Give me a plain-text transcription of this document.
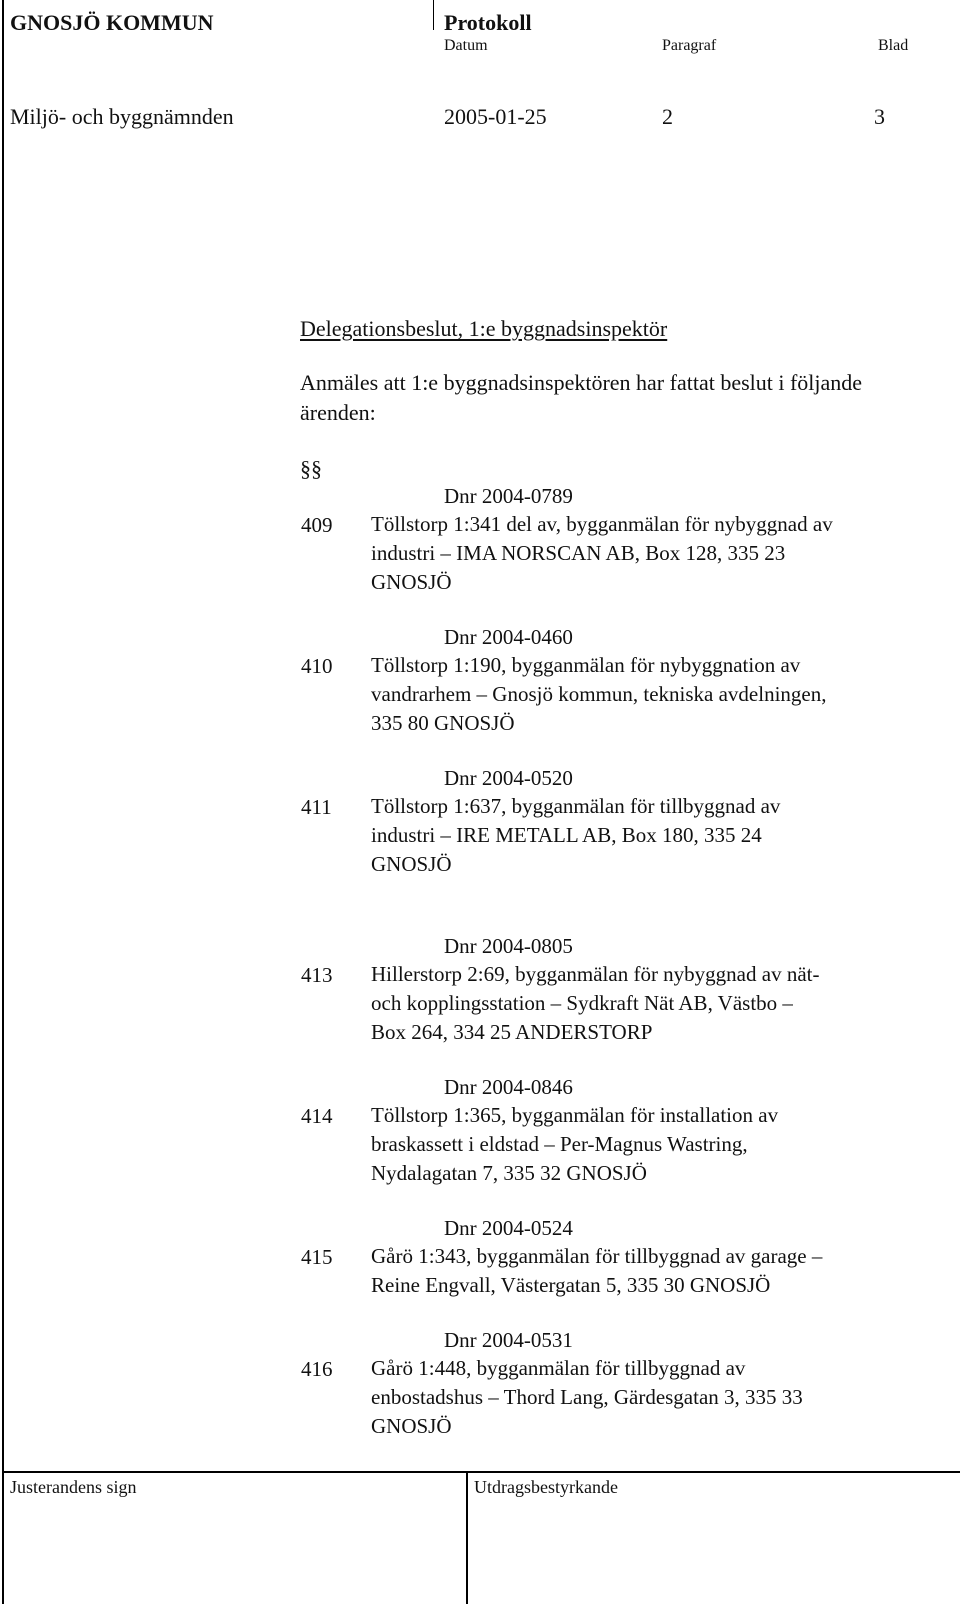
GNOSJÖ KOMMUN	Protokoll
Datum	Paragraf	Blad
Miljö- och byggnämnden	2005-01-25	2	3
Delegationsbeslut, 1:e byggnadsinspektör
Anmäles att 1:e byggnadsinspektören har fattat beslut i följande
ärenden:
§§
Dnr 2004-0789
409 Töllstorp 1:341 del av, bygganmälan för nybyggnad av
industri – IMA NORSCAN AB, Box 128, 335 23
GNOSJÖ
Dnr 2004-0460
410 Töllstorp 1:190, bygganmälan för nybyggnation av
vandrarhem – Gnosjö kommun, tekniska avdelningen,
335 80 GNOSJÖ
Dnr 2004-0520
411 Töllstorp 1:637, bygganmälan för tillbyggnad av
industri – IRE METALL AB, Box 180, 335 24
GNOSJÖ
Dnr 2004-0805
413 Hillerstorp 2:69, bygganmälan för nybyggnad av nät-
och kopplingsstation – Sydkraft Nät AB, Västbo –
Box 264, 334 25 ANDERSTORP
Dnr 2004-0846
414 Töllstorp 1:365, bygganmälan för installation av
braskassett i eldstad – Per-Magnus Wastring,
Nydalagatan 7, 335 32 GNOSJÖ
Dnr 2004-0524
415 Gårö 1:343, bygganmälan för tillbyggnad av garage –
Reine Engvall, Västergatan 5, 335 30 GNOSJÖ
Dnr 2004-0531
416 Gårö 1:448, bygganmälan för tillbyggnad av
enbostadshus – Thord Lang, Gärdesgatan 3, 335 33
GNOSJÖ
Justerandens sign	Utdragsbestyrkande
